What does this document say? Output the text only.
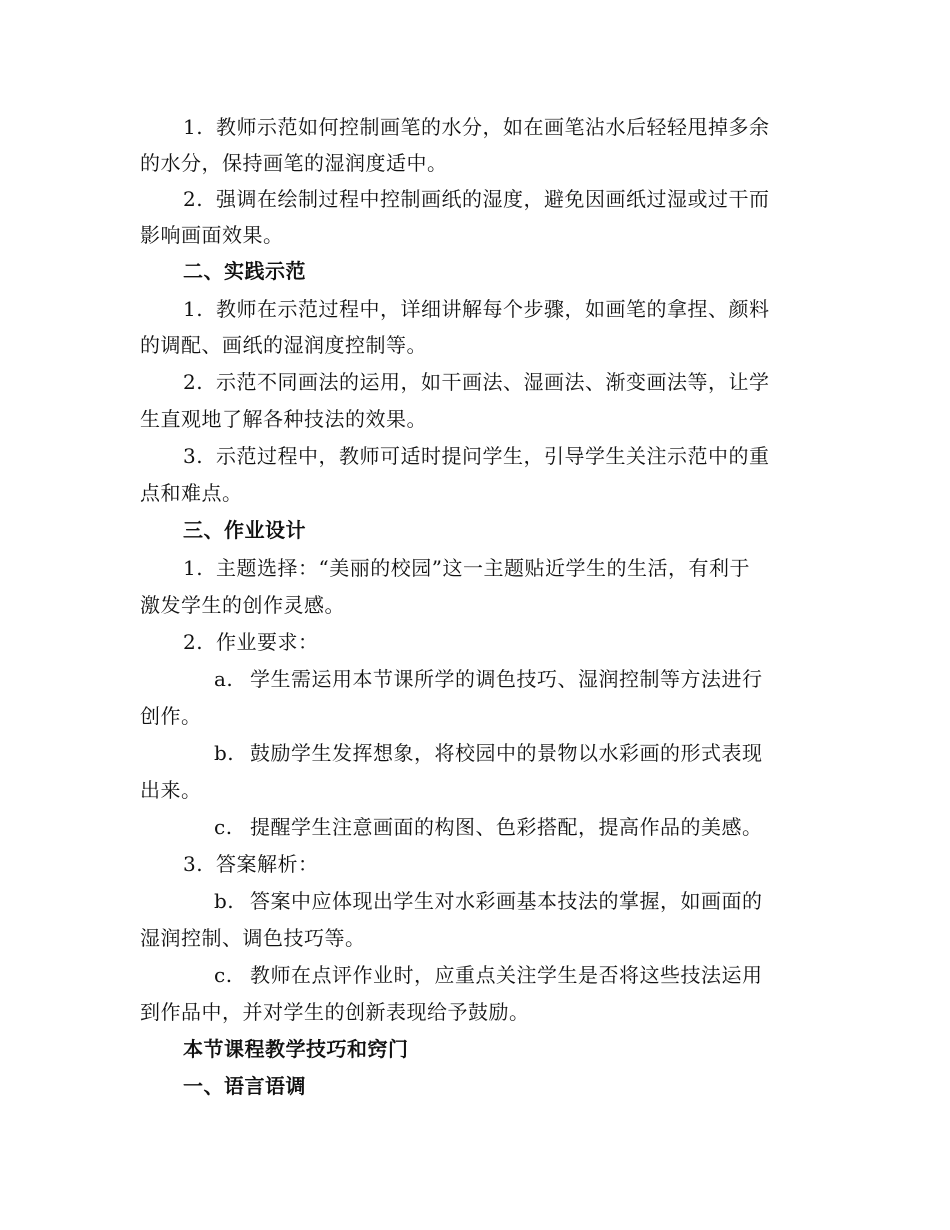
1. 教师示范如何控制画笔的水分，如在画笔沾水后轻轻甩掉多余
的水分，保持画笔的湿润度适中。
2. 强调在绘制过程中控制画纸的湿度，避免因画纸过湿或过干而
影响画面效果。
二、实践示范
1. 教师在示范过程中，详细讲解每个步骤，如画笔的拿捏、颜料
的调配、画纸的湿润度控制等。
2. 示范不同画法的运用，如干画法、湿画法、渐变画法等，让学
生直观地了解各种技法的效果。
3. 示范过程中，教师可适时提问学生，引导学生关注示范中的重
点和难点。
三、作业设计
1. 主题选择：“美丽的校园”这一主题贴近学生的生活，有利于
激发学生的创作灵感。
2. 作业要求：
a. 学生需运用本节课所学的调色技巧、湿润控制等方法进行
创作。
b. 鼓励学生发挥想象，将校园中的景物以水彩画的形式表现
出来。
c. 提醒学生注意画面的构图、色彩搭配，提高作品的美感。
3. 答案解析：
b. 答案中应体现出学生对水彩画基本技法的掌握，如画面的
湿润控制、调色技巧等。
c. 教师在点评作业时，应重点关注学生是否将这些技法运用
到作品中，并对学生的创新表现给予鼓励。
本节课程教学技巧和窍门
一、语言语调
